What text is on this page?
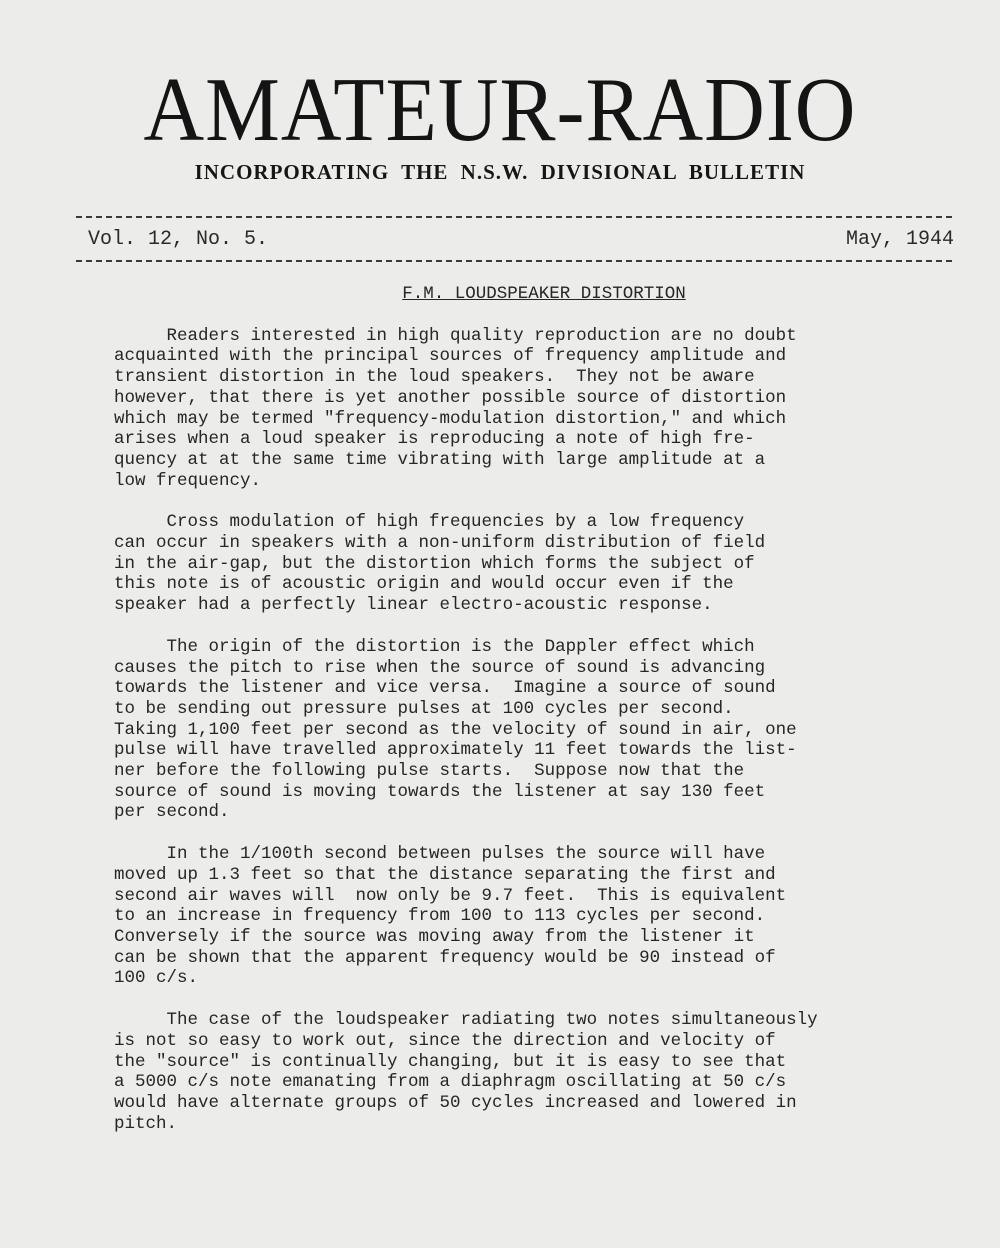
AMATEUR-RADIO
INCORPORATING THE N.S.W. DIVISIONAL BULLETIN
Vol. 12, No. 5.	May, 1944
F.M. LOUDSPEAKER DISTORTION
Readers interested in high quality reproduction are no doubt
acquainted with the principal sources of frequency amplitude and
transient distortion in the loud speakers.  They not be aware
however, that there is yet another possible source of distortion
which may be termed "frequency-modulation distortion," and which
arises when a loud speaker is reproducing a note of high fre-
quency at at the same time vibrating with large amplitude at a
low frequency.
Cross modulation of high frequencies by a low frequency
can occur in speakers with a non-uniform distribution of field
in the air-gap, but the distortion which forms the subject of
this note is of acoustic origin and would occur even if the
speaker had a perfectly linear electro-acoustic response.
The origin of the distortion is the Dappler effect which
causes the pitch to rise when the source of sound is advancing
towards the listener and vice versa.  Imagine a source of sound
to be sending out pressure pulses at 100 cycles per second.
Taking 1,100 feet per second as the velocity of sound in air, one
pulse will have travelled approximately 11 feet towards the list-
ner before the following pulse starts.  Suppose now that the
source of sound is moving towards the listener at say 130 feet
per second.
In the 1/100th second between pulses the source will have
moved up 1.3 feet so that the distance separating the first and
second air waves will  now only be 9.7 feet.  This is equivalent
to an increase in frequency from 100 to 113 cycles per second.
Conversely if the source was moving away from the listener it
can be shown that the apparent frequency would be 90 instead of
100 c/s.
The case of the loudspeaker radiating two notes simultaneously
is not so easy to work out, since the direction and velocity of
the "source" is continually changing, but it is easy to see that
a 5000 c/s note emanating from a diaphragm oscillating at 50 c/s
would have alternate groups of 50 cycles increased and lowered in
pitch.
